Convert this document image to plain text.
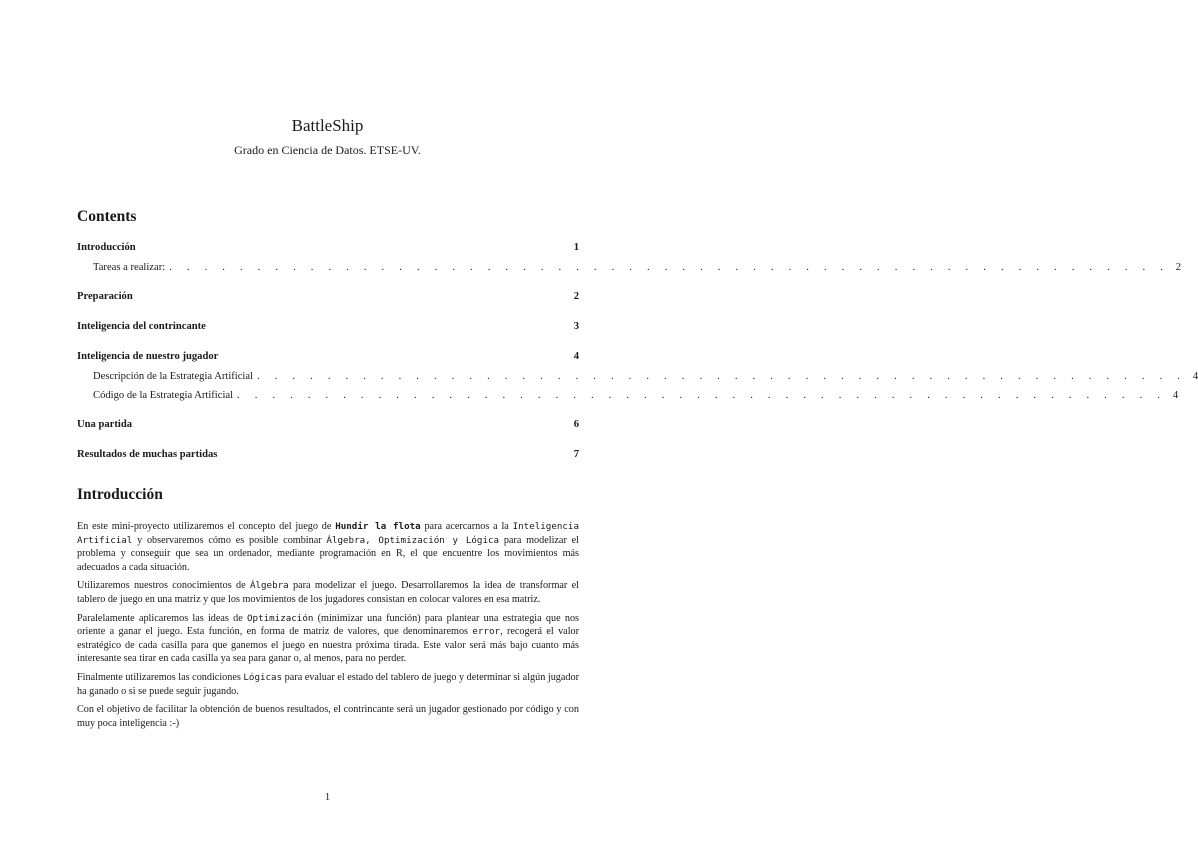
BattleShip
Grado en Ciencia de Datos. ETSE-UV.
Contents
Introducción	1
Tareas a realizar: . . . . . . . . . . . . . . . . . . . . . . . . . . . . . . . . . . . . . . . . . . . . . . . . . . . . . . . . . 2
Preparación	2
Inteligencia del contrincante	3
Inteligencia de nuestro jugador	4
Descripción de la Estrategia Artificial . . . . . . . . . . . . . . . . . . . . . . . . . . . . . . . . . . . . . . . . . . . . . . . . . . . . . 4
Código de la Estrategia Artificial . . . . . . . . . . . . . . . . . . . . . . . . . . . . . . . . . . . . . . . . . . . . . . . . . . . . . 4
Una partida	6
Resultados de muchas partidas	7
Introducción

En este mini-proyecto utilizaremos el concepto del juego de Hundir la flota para acercarnos a la Inteligencia Artificial y observaremos cómo es posible combinar Álgebra, Optimización y Lógica para modelizar el problema y conseguir que sea un ordenador, mediante programación en R, el que encuentre los movimientos más adecuados a cada situación.

Utilizaremos nuestros conocimientos de Álgebra para modelizar el juego. Desarrollaremos la idea de transformar el tablero de juego en una matriz y que los movimientos de los jugadores consistan en colocar valores en esa matriz.

Paralelamente aplicaremos las ideas de Optimización (minimizar una función) para plantear una estrategia que nos oriente a ganar el juego. Esta función, en forma de matriz de valores, que denominaremos error, recogerá el valor estratégico de cada casilla para que ganemos el juego en nuestra próxima tirada. Este valor será más bajo cuanto más interesante sea tirar en cada casilla ya sea para ganar o, al menos, para no perder.

Finalmente utilizaremos las condiciones Lógicas para evaluar el estado del tablero de juego y determinar si algún jugador ha ganado o si se puede seguir jugando.

Con el objetivo de facilitar la obtención de buenos resultados, el contrincante será un jugador gestionado por código y con muy poca inteligencia :-)

1
